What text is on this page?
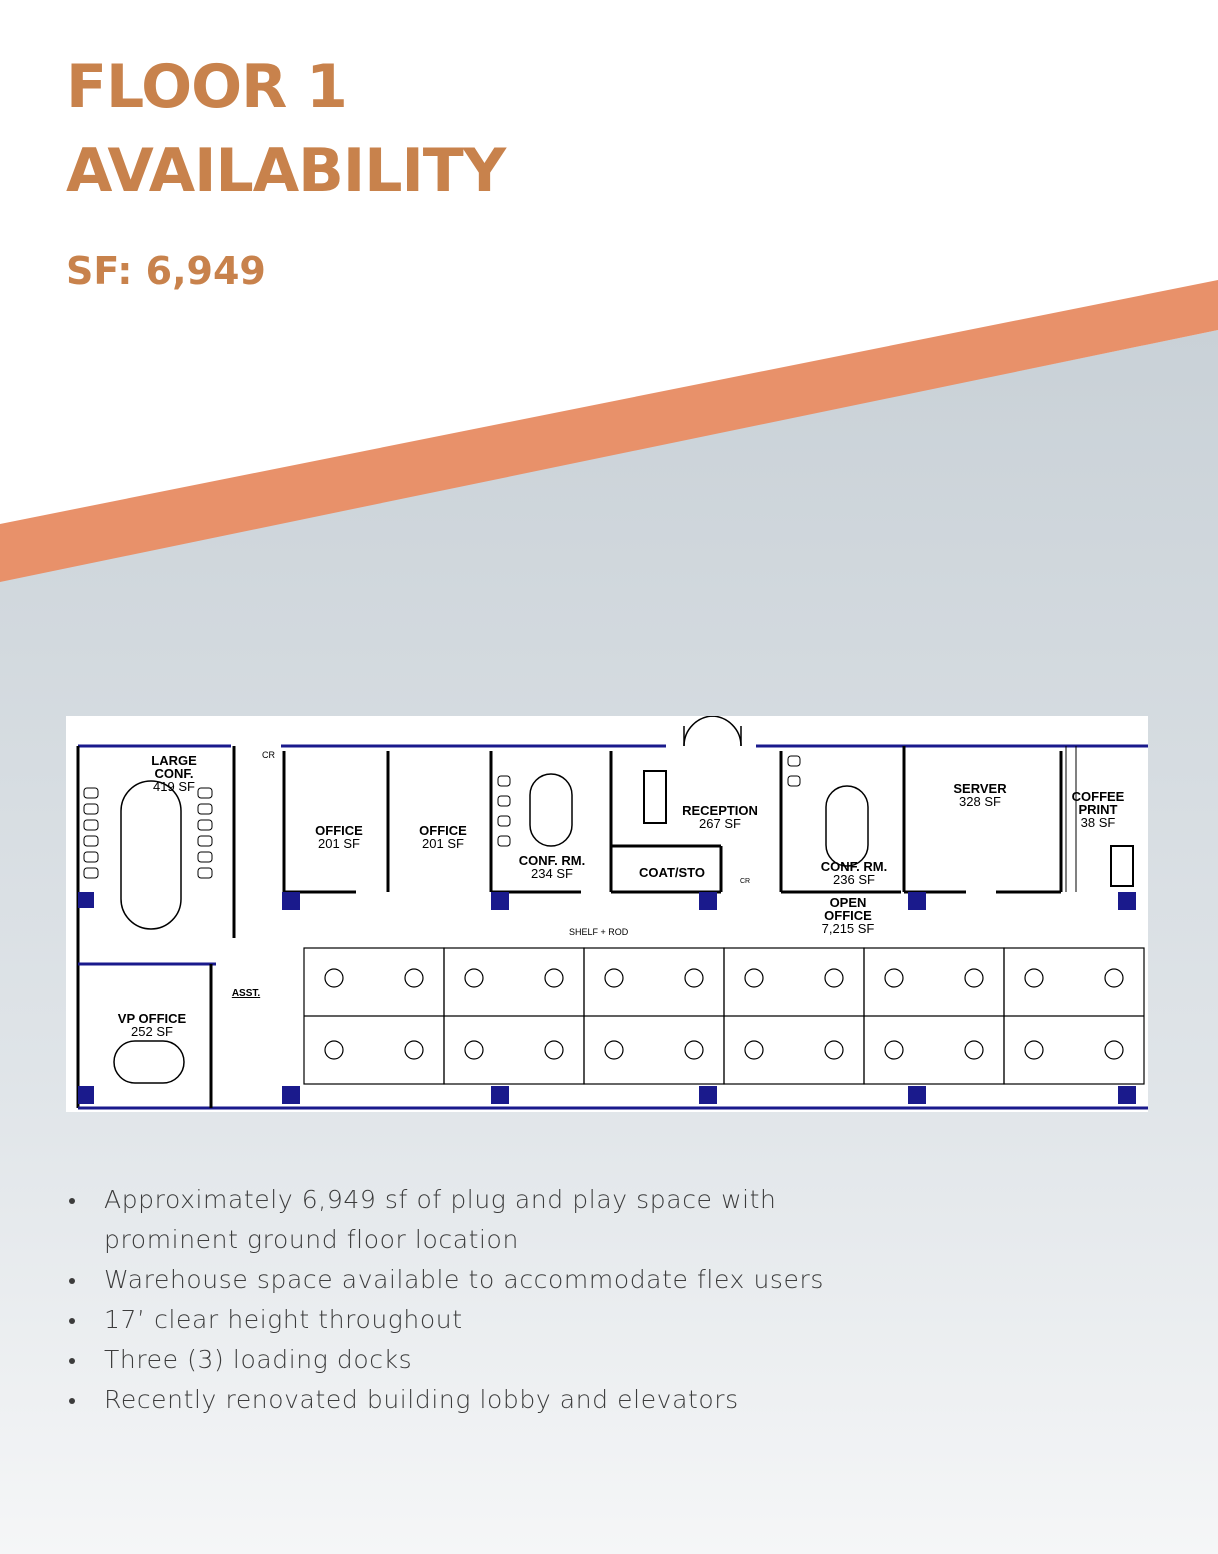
FLOOR 1
AVAILABILITY
SF: 6,949
LARGE
CONF.
419 SF
OFFICE
201 SF
OFFICE
201 SF
CONF. RM.
234 SF
RECEPTION
267 SF
COAT/STO	CONF. RM.
236 SF
SERVER
328 SF	COFFEE
PRINT
38 SF
OPEN
OFFICE
7,215 SF
VP OFFICE
252 SF
ASST.
SHELF + ROD
CR
CR
Approximately 6,949 sf of plug and play space with prominent ground floor location
Warehouse space available to accommodate flex users
17’ clear height throughout
Three (3) loading docks
Recently renovated building lobby and elevators
